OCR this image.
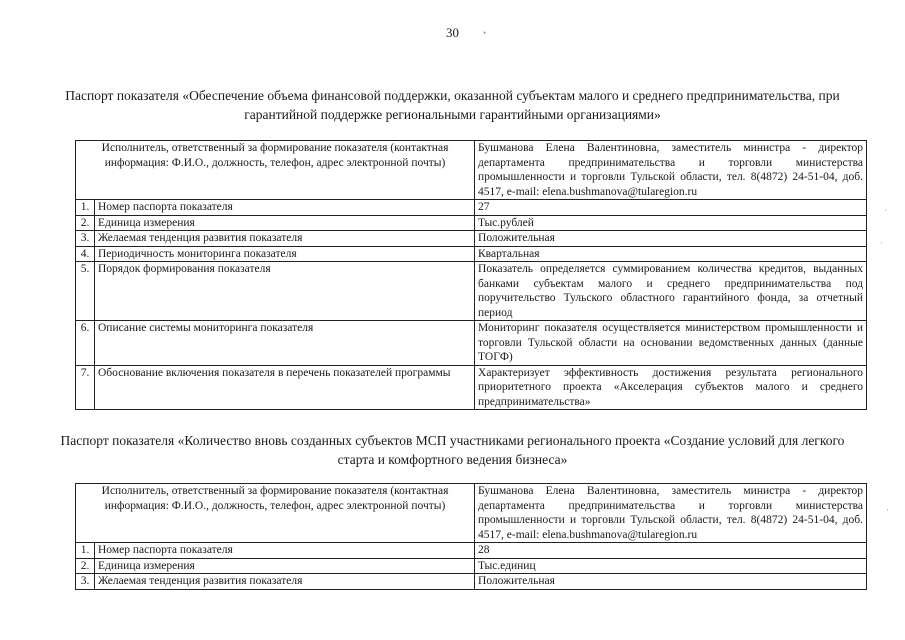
30
Паспорт показателя «Обеспечение объема финансовой поддержки, оказанной субъектам малого и среднего предпринимательства, при гарантийной поддержке региональными гарантийными организациями»
Исполнитель, ответственный за формирование показателя (контактная информация: Ф.И.О., должность, телефон, адрес электронной почты)		Бушманова Елена Валентиновна, заместитель министра - директор департамента предпринимательства и торговли министерства промышленности и торговли Тульской области, тел. 8(4872) 24-51-04, доб. 4517, e-mail: elena.bushmanova@tularegion.ru
1.	Номер паспорта показателя	27
2.	Единица измерения	Тыс.рублей
3.	Желаемая тенденция развития показателя	Положительная
4.	Периодичность мониторинга показателя	Квартальная
5.	Порядок формирования показателя	Показатель определяется суммированием количества кредитов, выданных банками субъектам малого и среднего предпринимательства под поручительство Тульского областного гарантийного фонда, за отчетный период
6.	Описание системы мониторинга показателя	Мониторинг показателя осуществляется министерством промышленности и торговли Тульской области на основании ведомственных данных (данные ТОГФ)
7.	Обоснование включения показателя в перечень показателей программы	Характеризует эффективность достижения результата регионального приоритетного проекта «Акселерация субъектов малого и среднего предпринимательства»
Паспорт показателя «Количество вновь созданных субъектов МСП участниками регионального проекта «Создание условий для легкого старта и комфортного ведения бизнеса»
Исполнитель, ответственный за формирование показателя (контактная информация: Ф.И.О., должность, телефон, адрес электронной почты)		Бушманова Елена Валентиновна, заместитель министра - директор департамента предпринимательства и торговли министерства промышленности и торговли Тульской области, тел. 8(4872) 24-51-04, доб. 4517, e-mail: elena.bushmanova@tularegion.ru
1.	Номер паспорта показателя	28
2.	Единица измерения	Тыс.единиц
3.	Желаемая тенденция развития показателя	Положительная
•
·
·
·
